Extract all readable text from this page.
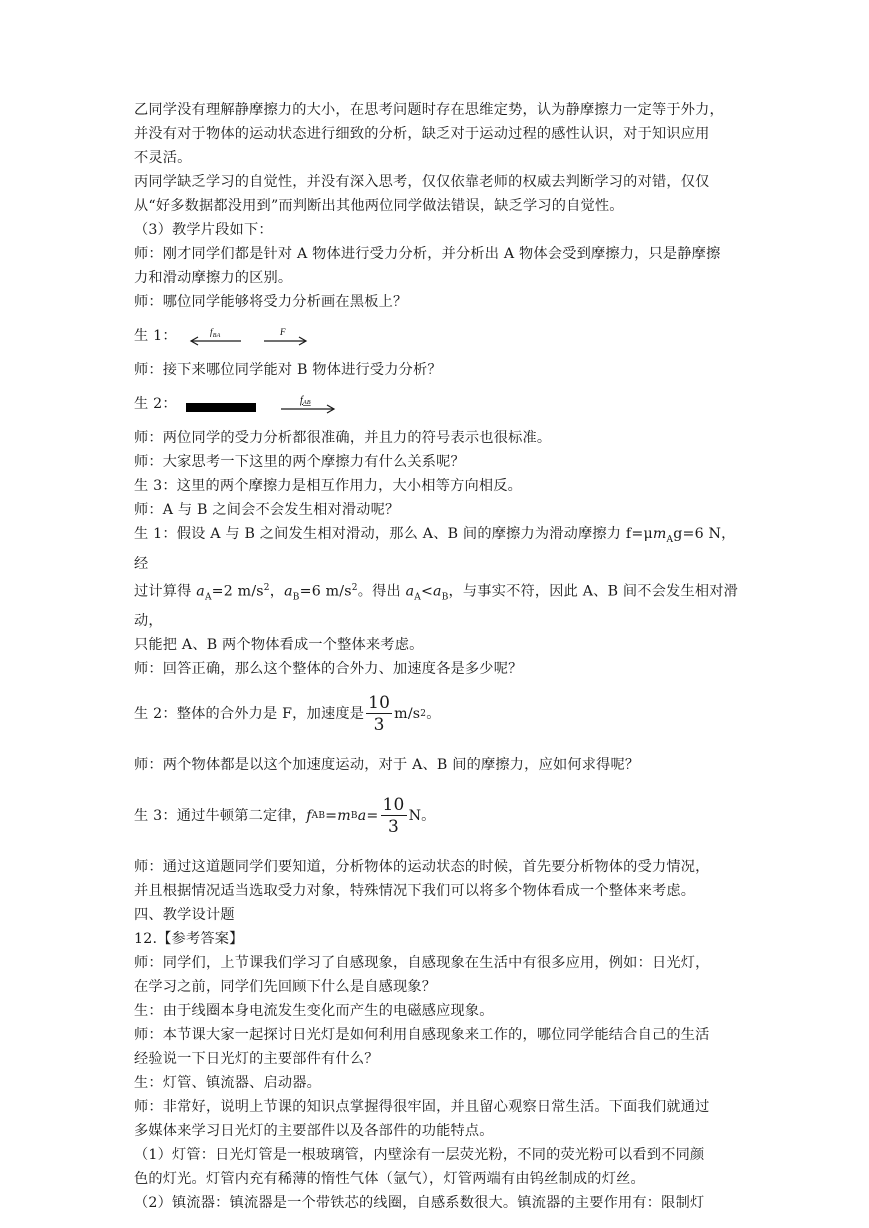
乙同学没有理解静摩擦力的大小，在思考问题时存在思维定势，认为静摩擦力一定等于外力，

并没有对于物体的运动状态进行细致的分析，缺乏对于运动过程的感性认识，对于知识应用

不灵活。

丙同学缺乏学习的自觉性，并没有深入思考，仅仅依靠老师的权威去判断学习的对错，仅仅

从“好多数据都没用到”而判断出其他两位同学做法错误，缺乏学习的自觉性。

（3）教学片段如下：

师：刚才同学们都是针对 A 物体进行受力分析，并分析出 A 物体会受到摩擦力，只是静摩擦

力和滑动摩擦力的区别。

师：哪位同学能够将受力分析画在黑板上？

生 1：	$f_{BA}$	F

师：接下来哪位同学能对 B 物体进行受力分析？

生 2：	fAB

师：两位同学的受力分析都很准确，并且力的符号表示也很标准。

师：大家思考一下这里的两个摩擦力有什么关系呢？

生 3：这里的两个摩擦力是相互作用力，大小相等方向相反。

师：A 与 B 之间会不会发生相对滑动呢？

生 1：假设 A 与 B 之间发生相对滑动，那么 A、B 间的摩擦力为滑动摩擦力 $f=\mu m_Ag=6$ N，经

过计算得 $a_A=2$ $m/s^2$，$a_B=6$ $m/s^2$。得出 $a_A<a_B$，与事实不符，因此 A、B 间不会发生相对滑动，

只能把 A、B 两个物体看成一个整体来考虑。

师：回答正确，那么这个整体的合外力、加速度各是多少呢？

生 2：整体的合外力是 F，加速度是 $\frac{10}{3} m/s$ 2 。

师：两个物体都是以这个加速度运动，对于 A、B 间的摩擦力，应如何求得呢？

生 3：通过牛顿第二定律， f AB = m B $a = \frac{10}{3}$ N。

师：通过这道题同学们要知道，分析物体的运动状态的时候，首先要分析物体的受力情况，

并且根据情况适当选取受力对象，特殊情况下我们可以将多个物体看成一个整体来考虑。

四、教学设计题

12.【参考答案】

师：同学们，上节课我们学习了自感现象，自感现象在生活中有很多应用，例如：日光灯，

在学习之前，同学们先回顾下什么是自感现象？

生：由于线圈本身电流发生变化而产生的电磁感应现象。

师：本节课大家一起探讨日光灯是如何利用自感现象来工作的，哪位同学能结合自己的生活

经验说一下日光灯的主要部件有什么？

生：灯管、镇流器、启动器。

师：非常好，说明上节课的知识点掌握得很牢固，并且留心观察日常生活。下面我们就通过

多媒体来学习日光灯的主要部件以及各部件的功能特点。

（1）灯管：日光灯管是一根玻璃管，内壁涂有一层荧光粉，不同的荧光粉可以看到不同颜

色的灯光。灯管内充有稀薄的惰性气体（氩气），灯管两端有由钨丝制成的灯丝。

（2）镇流器：镇流器是一个带铁芯的线圈，自感系数很大。镇流器的主要作用有：限制灯
